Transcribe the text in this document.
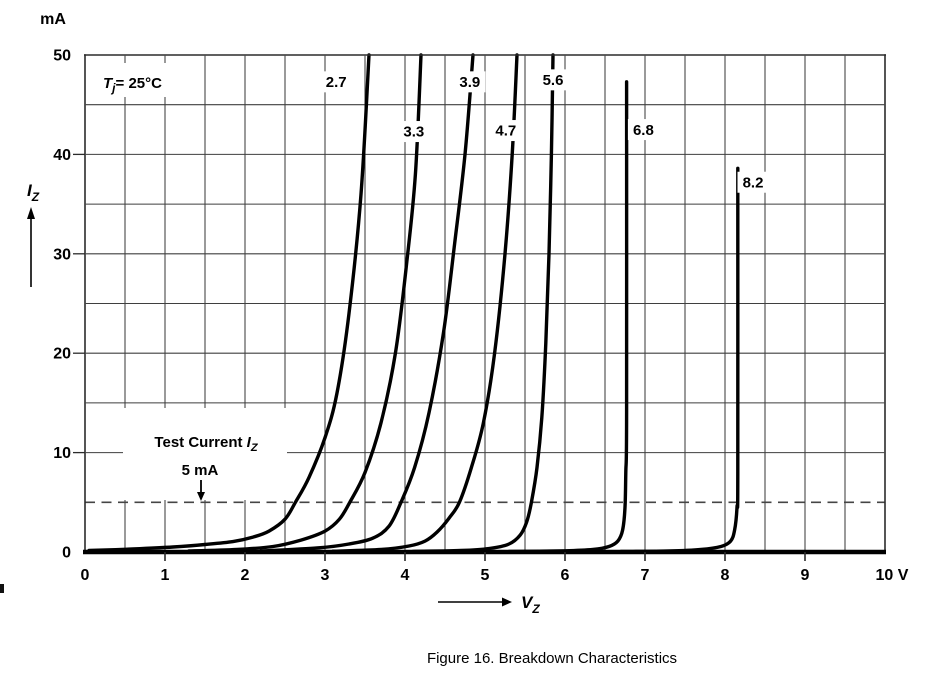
2.7
3.3
3.9
4.7
5.6
6.8
8.2
$T_j= 25^\circ C$
Test Current $I_Z$
5 mA
0	1	2	3	4	5	6	7	8	9	10 V
0
10
20
30
40
50
mA
$I_Z$
$V_Z$
Figure 16. Breakdown Characteristics
